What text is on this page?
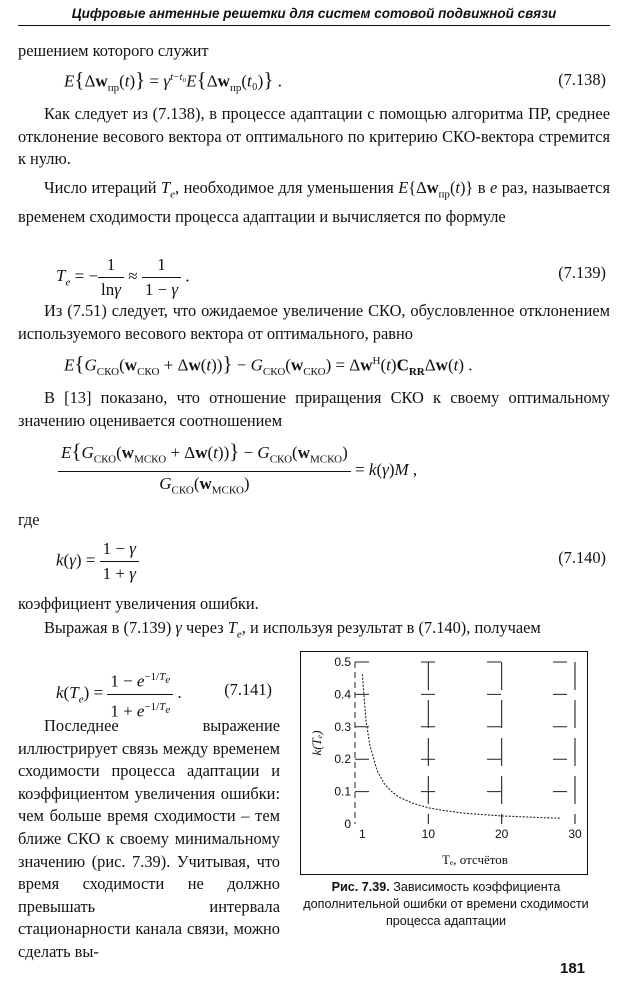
Цифровые антенные решетки для систем сотовой подвижной связи
решением которого служит
$E\{\Delta w_{пр}(t)\} = \gamma^{t-t_0}E\{\Delta w_{пр}(t_0)\}$ .	(7.138)
Как следует из (7.138), в процессе адаптации с помощью алгоритма ПР, среднее отклонение весового вектора от оптимального по критерию СКО-вектора стремится к нулю.
Число итераций $T_e$, необходимое для уменьшения $E\{\Delta w_{пр}(t)\}$ в e раз, называется временем сходимости процесса адаптации и вычисляется по формуле
$T_e$ = − $\frac{1}{\ln\gamma} \approx \frac{1}{1 - \gamma}$ .	(7.139)
Из (7.51) следует, что ожидаемое увеличение СКО, обусловленное отклонением используемого весового вектора от оптимального, равно
$E\{G_{СКО}(w_{СКО} + \Delta w(t))\} - G_{СКО}(w_{СКО}) = \Delta w^H(t)C_{RR}\Delta w(t)$ .
В [13] показано, что отношение приращения СКО к своему оптимальному значению оценивается соотношением
$\frac{E\{G_{СКО}(w_{МСКО} + \Delta w(t))\} - G_{СКО}(w_{МСКО})}{G_{СКО}(w_{МСКО})} = k(\gamma)M$ ,
где
$k(\gamma) = \frac{1 - \gamma}{1 + \gamma}$	(7.140)
коэффициент увеличения ошибки.
Выражая в (7.139) γ через $T_e$, и используя результат в (7.140), получаем
$k(T_e) = \frac{1 - e^{-1/T_e}}{1 + e^{-1/T_e}}$ .	(7.141)
Последнее выражение иллюстрирует связь между временем сходимости процесса адаптации и коэффициентом увеличения ошибки: чем больше время сходимости – тем ближе СКО к своему минимальному значению (рис. 7.39). Учитывая, что время сходимости не должно превышать интервала стационарности канала связи, можно сделать вы-
0
0.1
0.2
0.3
0.4
0.5
1	10	20	30
k(Tₑ)
Tₑ, отсчётов
Рис. 7.39. Зависимость коэффициента дополнительной ошибки от времени сходимости процесса адаптации
181
